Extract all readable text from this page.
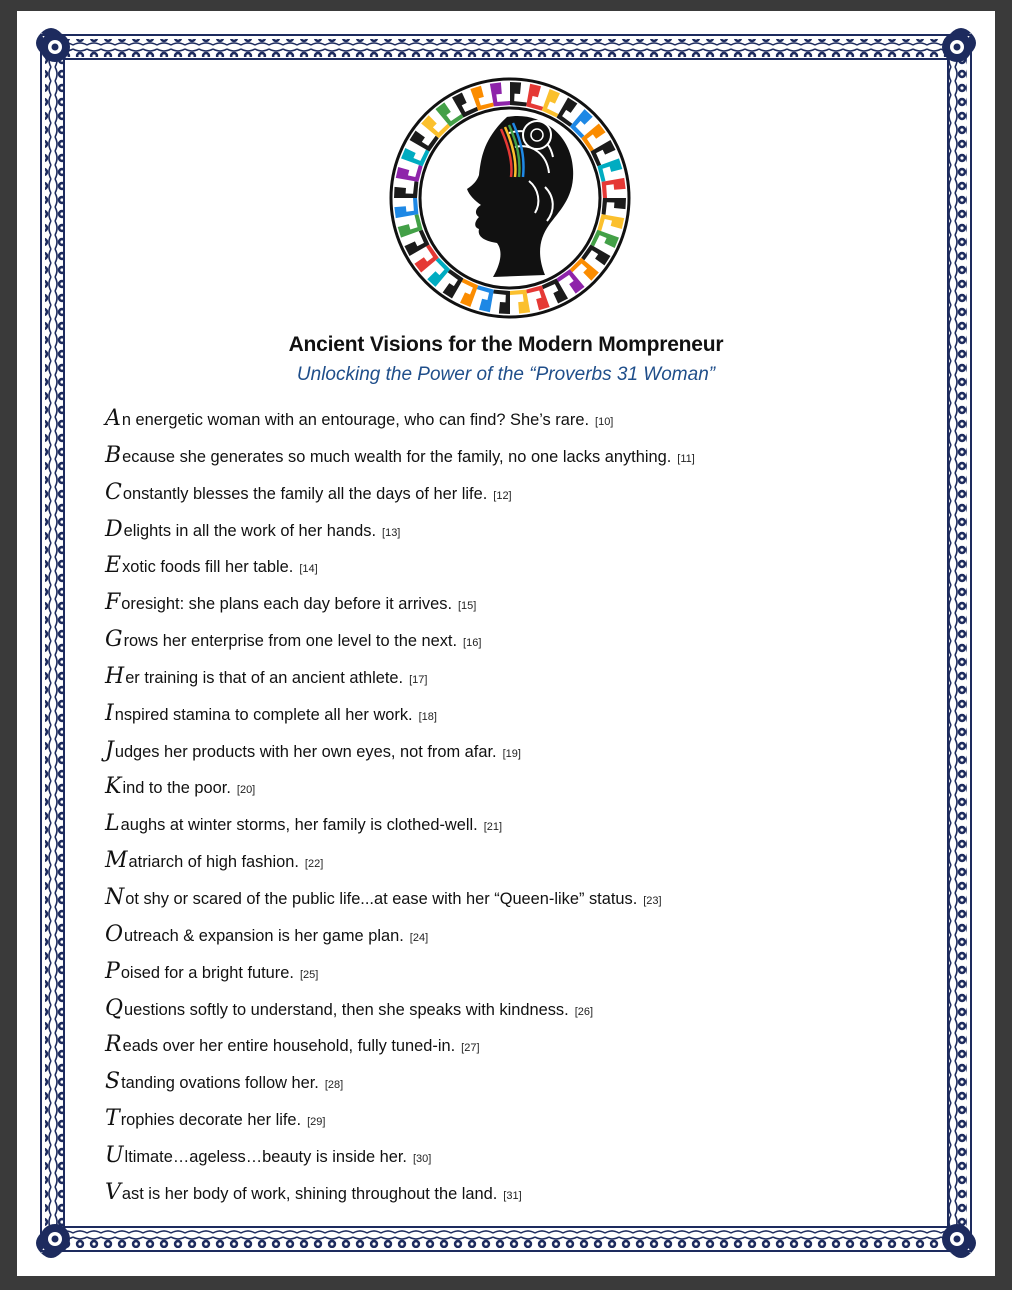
Ancient Visions for the Modern Mompreneur
Unlocking the Power of the “Proverbs 31 Woman”
A n energetic woman with an entourage, who can find? She’s rare. [10]
B ecause she generates so much wealth for the family, no one lacks anything. [11]
C onstantly blesses the family all the days of her life. [12]
D elights in all the work of her hands. [13]
E xotic foods fill her table. [14]
F oresight: she plans each day before it arrives. [15]
G rows her enterprise from one level to the next. [16]
H er training is that of an ancient athlete. [17]
I nspired stamina to complete all her work. [18]
J udges her products with her own eyes, not from afar. [19]
K ind to the poor. [20]
L aughs at winter storms, her family is clothed-well. [21]
M atriarch of high fashion. [22]
N ot shy or scared of the public life...at ease with her “Queen-like” status. [23]
O utreach & expansion is her game plan. [24]
P oised for a bright future. [25]
Q uestions softly to understand, then she speaks with kindness. [26]
R eads over her entire household, fully tuned-in. [27]
S tanding ovations follow her. [28]
T rophies decorate her life. [29]
U ltimate…ageless…beauty is inside her. [30]
V ast is her body of work, shining throughout the land. [31]
